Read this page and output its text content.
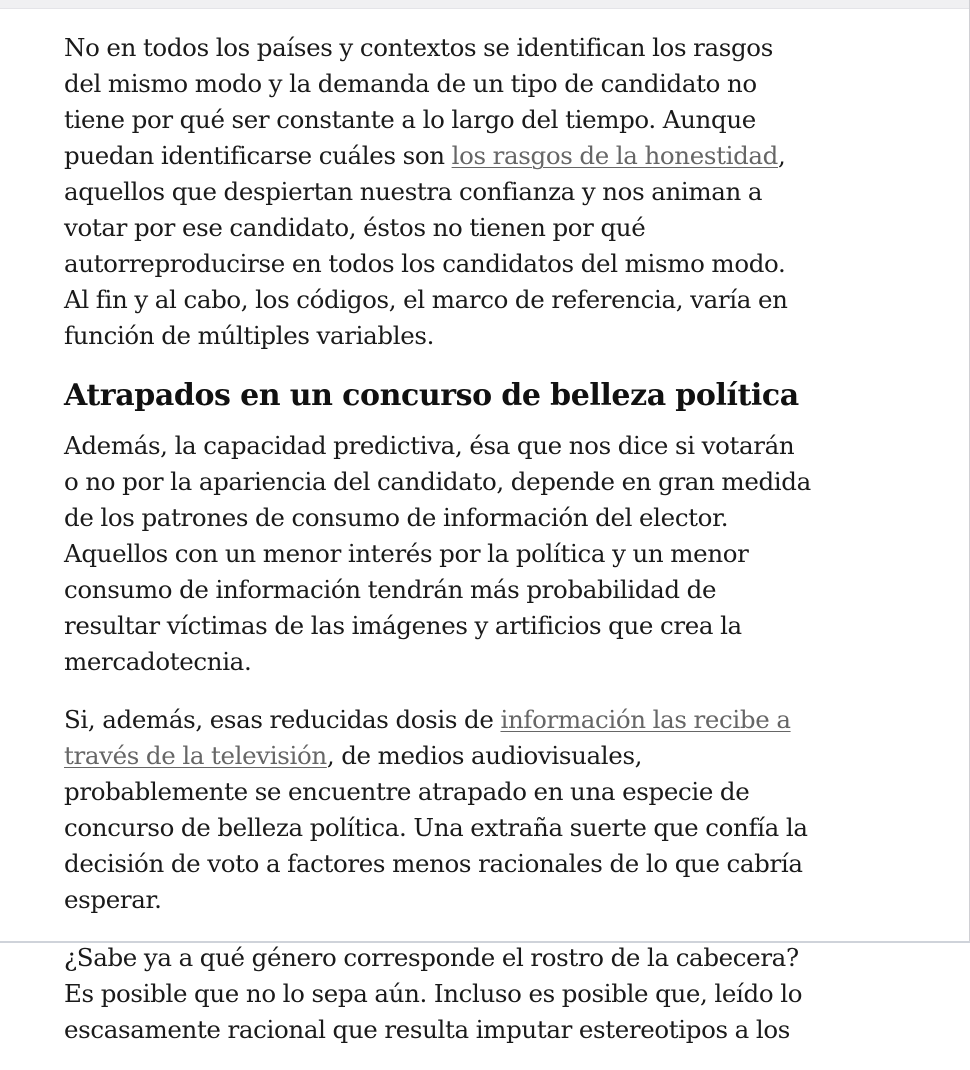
No en todos los países y contextos se identifican los rasgos del mismo modo y la demanda de un tipo de candidato no tiene por qué ser constante a lo largo del tiempo. Aunque puedan identificarse cuáles son los rasgos de la honestidad, aquellos que despiertan nuestra confianza y nos animan a votar por ese candidato, éstos no tienen por qué autorreproducirse en todos los candidatos del mismo modo. Al fin y al cabo, los códigos, el marco de referencia, varía en función de múltiples variables.

Atrapados en un concurso de belleza política

Además, la capacidad predictiva, ésa que nos dice si votarán o no por la apariencia del candidato, depende en gran medida de los patrones de consumo de información del elector. Aquellos con un menor interés por la política y un menor consumo de información tendrán más probabilidad de resultar víctimas de las imágenes y artificios que crea la mercadotecnia.

Si, además, esas reducidas dosis de información las recibe a través de la televisión, de medios audiovisuales, probablemente se encuentre atrapado en una especie de concurso de belleza política. Una extraña suerte que confía la decisión de voto a factores menos racionales de lo que cabría esperar.

¿Sabe ya a qué género corresponde el rostro de la cabecera? Es posible que no lo sepa aún. Incluso es posible que, leído lo escasamente racional que resulta imputar estereotipos a los
